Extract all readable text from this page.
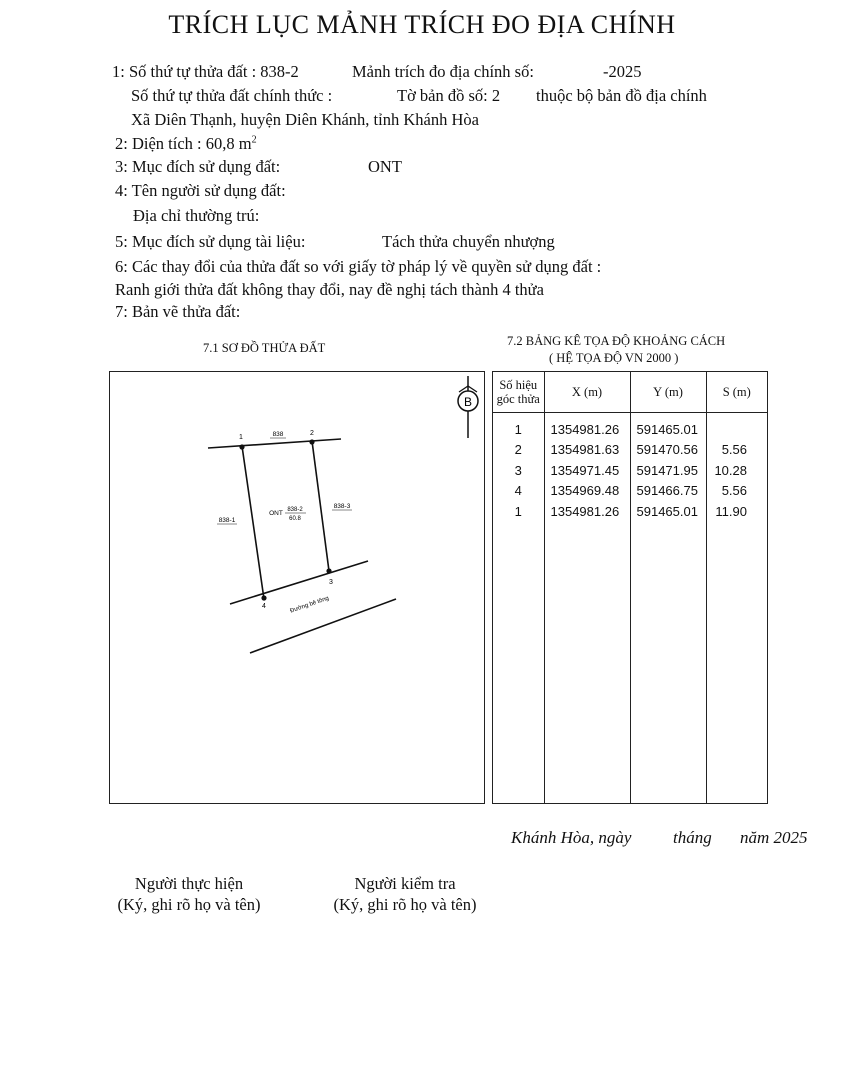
TRÍCH LỤC MẢNH TRÍCH ĐO ĐỊA CHÍNH
1: Số thứ tự thửa đất : 838-2	Mảnh trích đo địa chính số:	-2025
Số thứ tự thửa đất chính thức :	Tờ bản đồ số: 2 thuộc bộ bản đồ địa chính
Xã Diên Thạnh, huyện Diên Khánh, tỉnh Khánh Hòa
2: Diện tích : 60,8 $m^2$
3: Mục đích sử dụng đất:	ONT
4: Tên người sử dụng đất:
Địa chỉ thường trú:
5: Mục đích sử dụng tài liệu:	Tách thửa chuyển nhượng
6: Các thay đổi của thửa đất so với giấy tờ pháp lý về quyền sử dụng đất :
Ranh giới thửa đất không thay đổi, nay đề nghị tách thành 4 thửa
7: Bản vẽ thửa đất:
7.1 SƠ ĐỒ THỬA ĐẤT	7.2 BẢNG KÊ TỌA ĐỘ KHOẢNG CÁCH
( HỆ TỌA ĐỘ VN 2000 )
B
1
2
3
4
838
838-1
838-3
ONT 838-2
60.8
Đường bê tông
Số hiệu
góc thửa	X (m)	Y (m)	S (m)

1	1354981.26	591465.01	
2	1354981.63	591470.56	5.56
3	1354971.45	591471.95	10.28
4	1354969.48	591466.75	5.56
1	1354981.26	591465.01	11.90

Khánh Hòa, ngày tháng năm 2025
Người thực hiện
(Ký, ghi rõ họ và tên)
Người kiểm tra
(Ký, ghi rõ họ và tên)
